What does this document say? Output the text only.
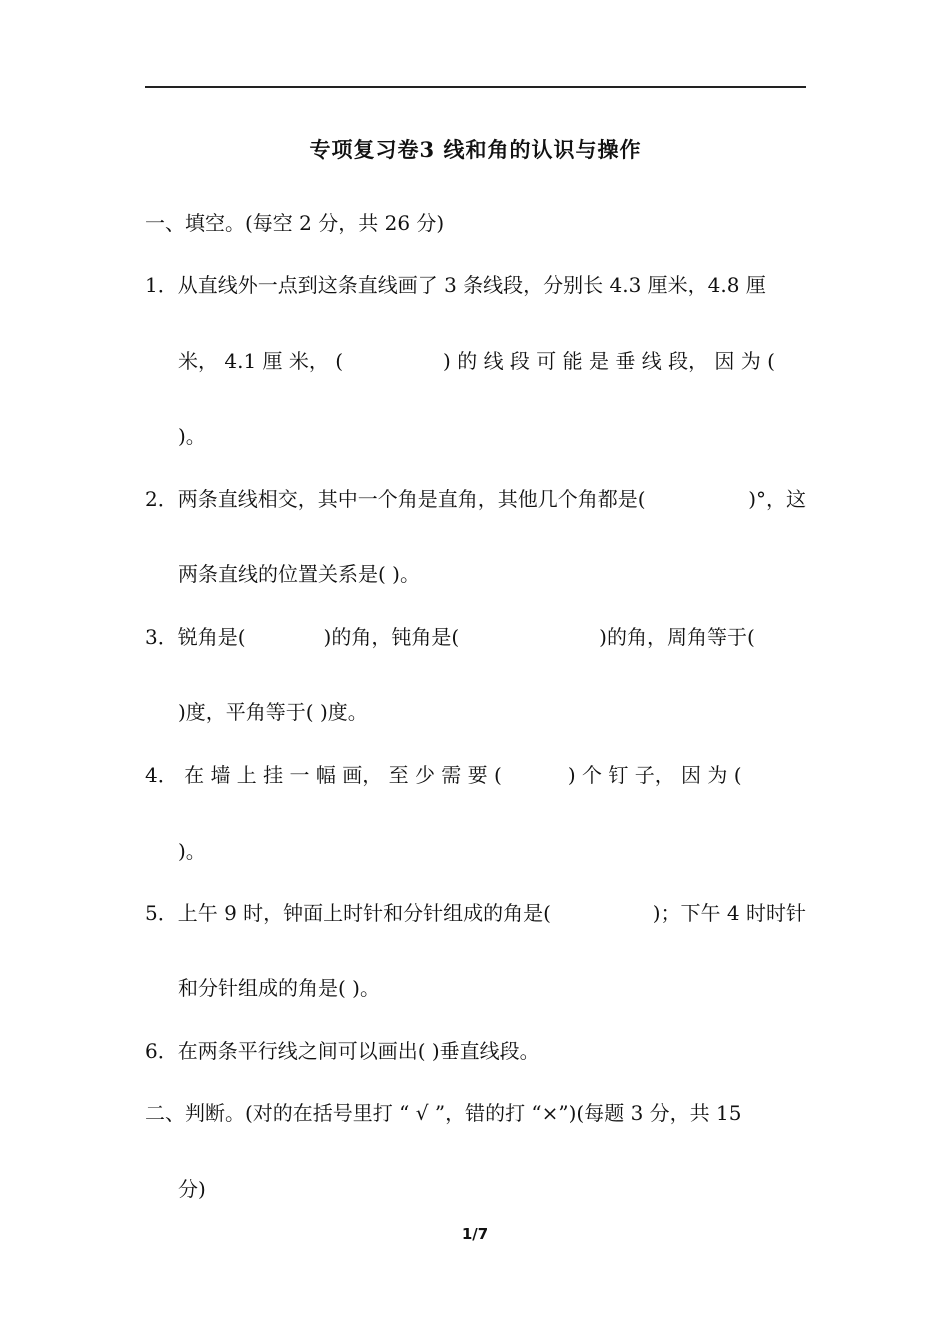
专项复习卷3 线和角的认识与操作
一、填空。(每空 2 分，共 26 分)
1．从直线外一点到这条直线画了 3 条线段，分别长 4.3 厘米，4.8 厘
米， 4.1 厘 米， (	) 的 线 段 可 能 是 垂 线 段， 因 为 (
)。
2．两条直线相交，其中一个角是直角，其他几个角都是(	)°，这
两条直线的位置关系是( )。
3．锐角是(	)的角，钝角是(	)的角，周角等于(
)度，平角等于( )度。
4． 在 墙 上 挂 一 幅 画， 至 少 需 要 (	) 个 钉 子， 因 为 (
)。
5．上午 9 时，钟面上时针和分针组成的角是(	)；下午 4 时时针
和分针组成的角是( )。
6．在两条平行线之间可以画出( )垂直线段。
二、判断。(对的在括号里打 “ √ ”，错的打 “×”)(每题 3 分，共 15
分)
1/7
